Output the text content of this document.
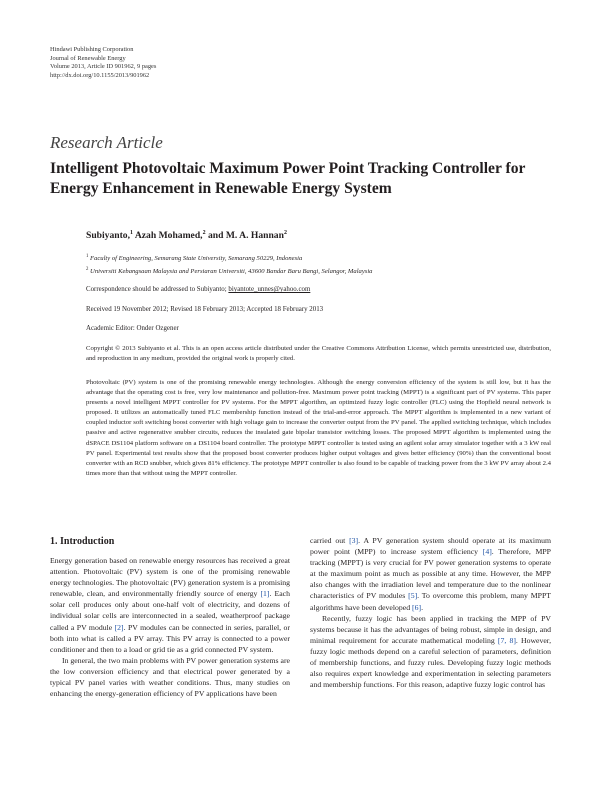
Hindawi Publishing Corporation
Journal of Renewable Energy
Volume 2013, Article ID 901962, 9 pages
http://dx.doi.org/10.1155/2013/901962
Research Article
Intelligent Photovoltaic Maximum Power Point Tracking Controller for Energy Enhancement in Renewable Energy System
Subiyanto,$^1$ Azah Mohamed,$^2$ and M. A. Hannan$^2$
$^1$ Faculty of Engineering, Semarang State University, Semarang 50229, Indonesia
$^2$ Universiti Kebangsaan Malaysia and Persiaran Universiti, 43600 Bandar Baru Bangi, Selangor, Malaysia
Correspondence should be addressed to Subiyanto; biyantote_unnes@yahoo.com
Received 19 November 2012; Revised 18 February 2013; Accepted 18 February 2013
Academic Editor: Onder Ozgener
Copyright © 2013 Subiyanto et al. This is an open access article distributed under the Creative Commons Attribution License, which permits unrestricted use, distribution, and reproduction in any medium, provided the original work is properly cited.
Photovoltaic (PV) system is one of the promising renewable energy technologies. Although the energy conversion efficiency of the system is still low, but it has the advantage that the operating cost is free, very low maintenance and pollution-free. Maximum power point tracking (MPPT) is a significant part of PV systems. This paper presents a novel intelligent MPPT controller for PV systems. For the MPPT algorithm, an optimized fuzzy logic controller (FLC) using the Hopfield neural network is proposed. It utilizes an automatically tuned FLC membership function instead of the trial-and-error approach. The MPPT algorithm is implemented in a new variant of coupled inductor soft switching boost converter with high voltage gain to increase the converter output from the PV panel. The applied switching technique, which includes passive and active regenerative snubber circuits, reduces the insulated gate bipolar transistor switching losses. The proposed MPPT algorithm is implemented using the dSPACE DS1104 platform software on a DS1104 board controller. The prototype MPPT controller is tested using an agilent solar array simulator together with a 3 kW real PV panel. Experimental test results show that the proposed boost converter produces higher output voltages and gives better efficiency (90%) than the conventional boost converter with an RCD snubber, which gives 81% efficiency. The prototype MPPT controller is also found to be capable of tracking power from the 3 kW PV array about 2.4 times more than that without using the MPPT controller.
1. Introduction

Energy generation based on renewable energy resources has received a great attention. Photovoltaic (PV) system is one of the promising renewable energy technologies. The photovoltaic (PV) generation system is a promising renewable, clean, and environmentally friendly source of energy [1]. Each solar cell produces only about one-half volt of electricity, and dozens of individual solar cells are interconnected in a sealed, weatherproof package called a PV module [2]. PV modules can be connected in series, parallel, or both into what is called a PV array. This PV array is connected to a power conditioner and then to a load or grid tie as a grid connected PV system.

In general, the two main problems with PV power generation systems are the low conversion efficiency and that electrical power generated by a typical PV panel varies with weather conditions. Thus, many studies on enhancing the energy-generation efficiency of PV applications have been

carried out [3]. A PV generation system should operate at its maximum power point (MPP) to increase system efficiency [4]. Therefore, MPP tracking (MPPT) is very crucial for PV power generation systems to operate at the maximum point as much as possible at any time. However, the MPP also changes with the irradiation level and temperature due to the nonlinear characteristics of PV modules [5]. To overcome this problem, many MPPT algorithms have been developed [6].

Recently, fuzzy logic has been applied in tracking the MPP of PV systems because it has the advantages of being robust, simple in design, and minimal requirement for accurate mathematical modeling [7, 8]. However, fuzzy logic methods depend on a careful selection of parameters, definition of membership functions, and fuzzy rules. Developing fuzzy logic methods also requires expert knowledge and experimentation in selecting parameters and membership functions. For this reason, adaptive fuzzy logic control has
